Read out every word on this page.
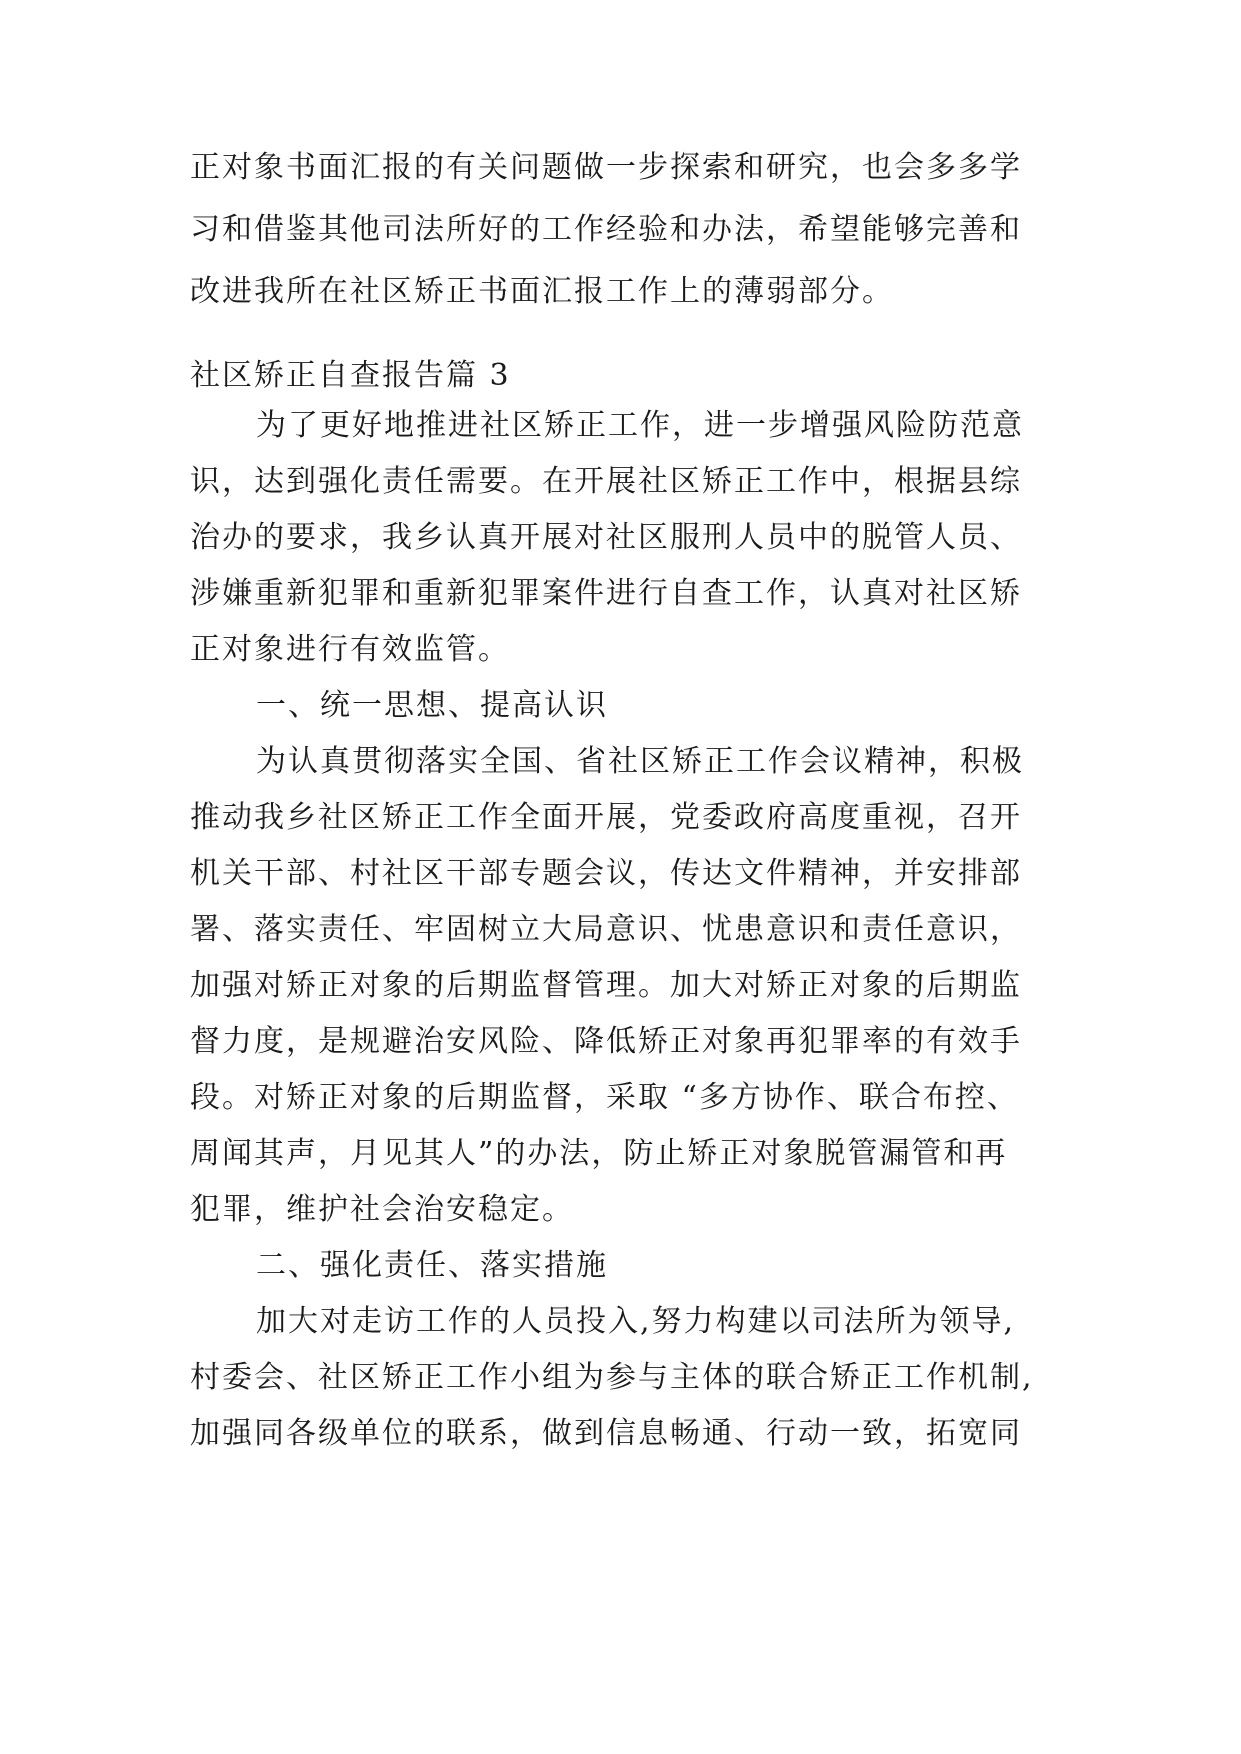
正对象书面汇报的有关问题做一步探索和研究，也会多多学
习和借鉴其他司法所好的工作经验和办法，希望能够完善和
改进我所在社区矫正书面汇报工作上的薄弱部分。
社区矫正自查报告篇 3
为了更好地推进社区矫正工作，进一步增强风险防范意
识，达到强化责任需要。在开展社区矫正工作中，根据县综
治办的要求，我乡认真开展对社区服刑人员中的脱管人员、
涉嫌重新犯罪和重新犯罪案件进行自查工作，认真对社区矫
正对象进行有效监管。
一、统一思想、提高认识
为认真贯彻落实全国、省社区矫正工作会议精神，积极
推动我乡社区矫正工作全面开展，党委政府高度重视，召开
机关干部、村社区干部专题会议，传达文件精神，并安排部
署、落实责任、牢固树立大局意识、忧患意识和责任意识，
加强对矫正对象的后期监督管理。加大对矫正对象的后期监
督力度，是规避治安风险、降低矫正对象再犯罪率的有效手
段。对矫正对象的后期监督，采取 “多方协作、联合布控、
周闻其声，月见其人”的办法，防止矫正对象脱管漏管和再
犯罪，维护社会治安稳定。
二、强化责任、落实措施
加大对走访工作的人员投入,努力构建以司法所为领导,
村委会、社区矫正工作小组为参与主体的联合矫正工作机制,
加强同各级单位的联系，做到信息畅通、行动一致，拓宽同
